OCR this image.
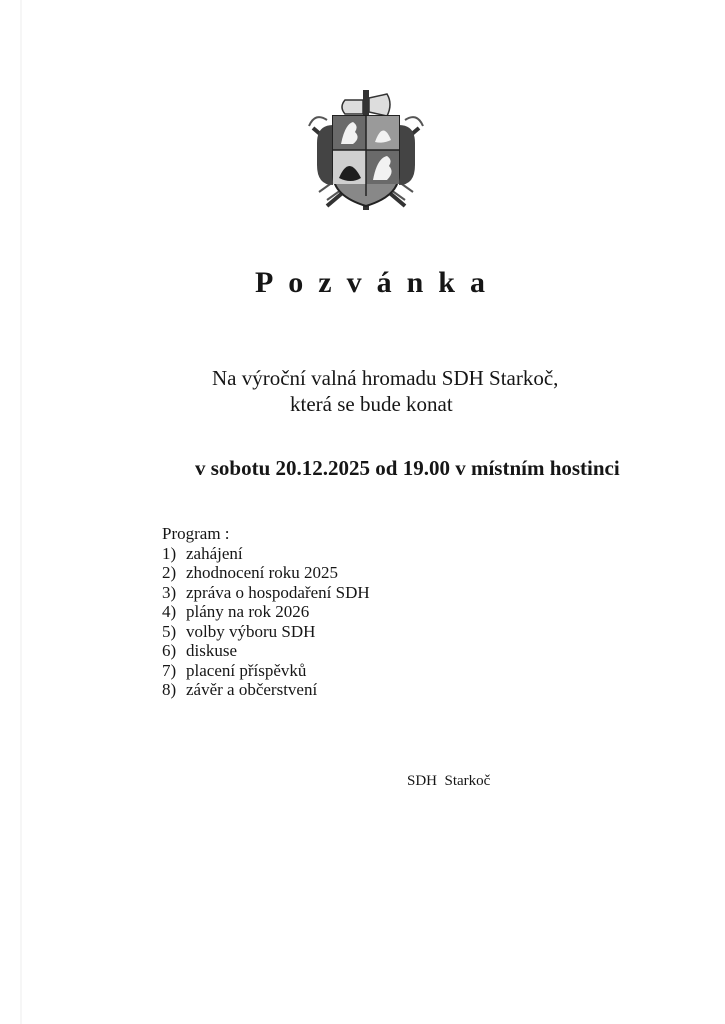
Pozvánka
Na výroční valná hromadu SDH Starkoč,
která se bude konat
v sobotu 20.12.2025 od 19.00 v místním hostinci
Program :
1) zahájení
2) zhodnocení roku 2025
3) zpráva o hospodaření SDH
4) plány na rok 2026
5) volby výboru SDH
6) diskuse
7) placení příspěvků
8) závěr a občerstvení
SDH  Starkoč
